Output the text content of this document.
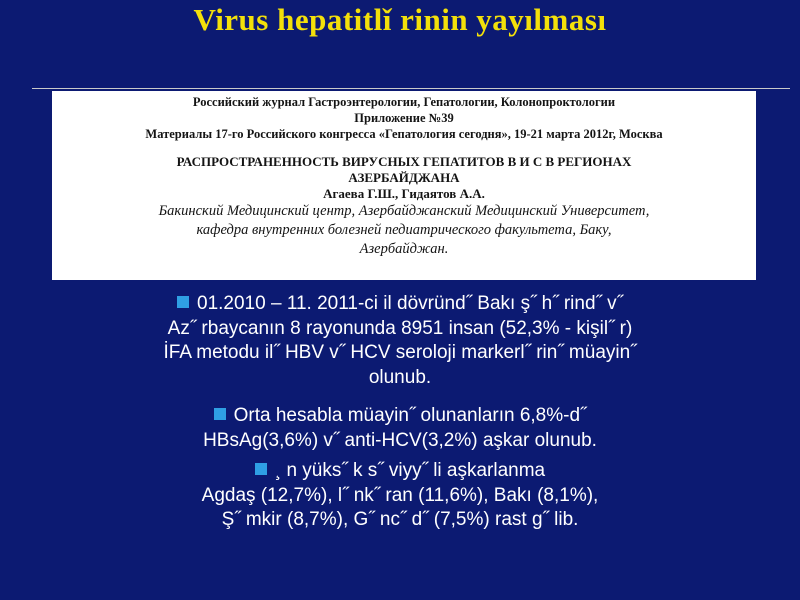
Virus hepatitlǐ rinin yayılması
Российский журнал Гастроэнтерологии, Гепатологии, Колонопроктологии
Приложение №39
Материалы 17-го Российского конгресса «Гепатология сегодня», 19-21 марта 2012г, Москва
РАСПРОСТРАНЕННОСТЬ ВИРУСНЫХ ГЕПАТИТОВ В И С В РЕГИОНАХ
АЗЕРБАЙДЖАНА
Агаева Г.Ш., Гидаятов А.А.
Бакинский Медицинский центр, Азербайджанский Медицинский Университет,
кафедра внутренних болезней педиатрического факультета, Баку,
Азербайджан.
01.2010 – 11. 2011-ci il dövründ˝ Bakı ş˝ h˝ rind˝ v˝
Az˝ rbaycanın 8 rayonunda 8951 insan (52,3% - kişil˝ r)
İFA metodu il˝ HBV v˝ HCV seroloji markerl˝ rin˝ müayin˝
olunub.
Orta hesabla müayin˝ olunanların 6,8%-d˝
HBsAg(3,6%) v˝ anti-HCV(3,2%) aşkar olunub.
¸ n yüks˝ k s˝ viyy˝ li aşkarlanma
Agdaş (12,7%), l˝ nk˝ ran (11,6%), Bakı (8,1%),
Ş˝ mkir (8,7%), G˝ nc˝ d˝ (7,5%) rast g˝ lib.
